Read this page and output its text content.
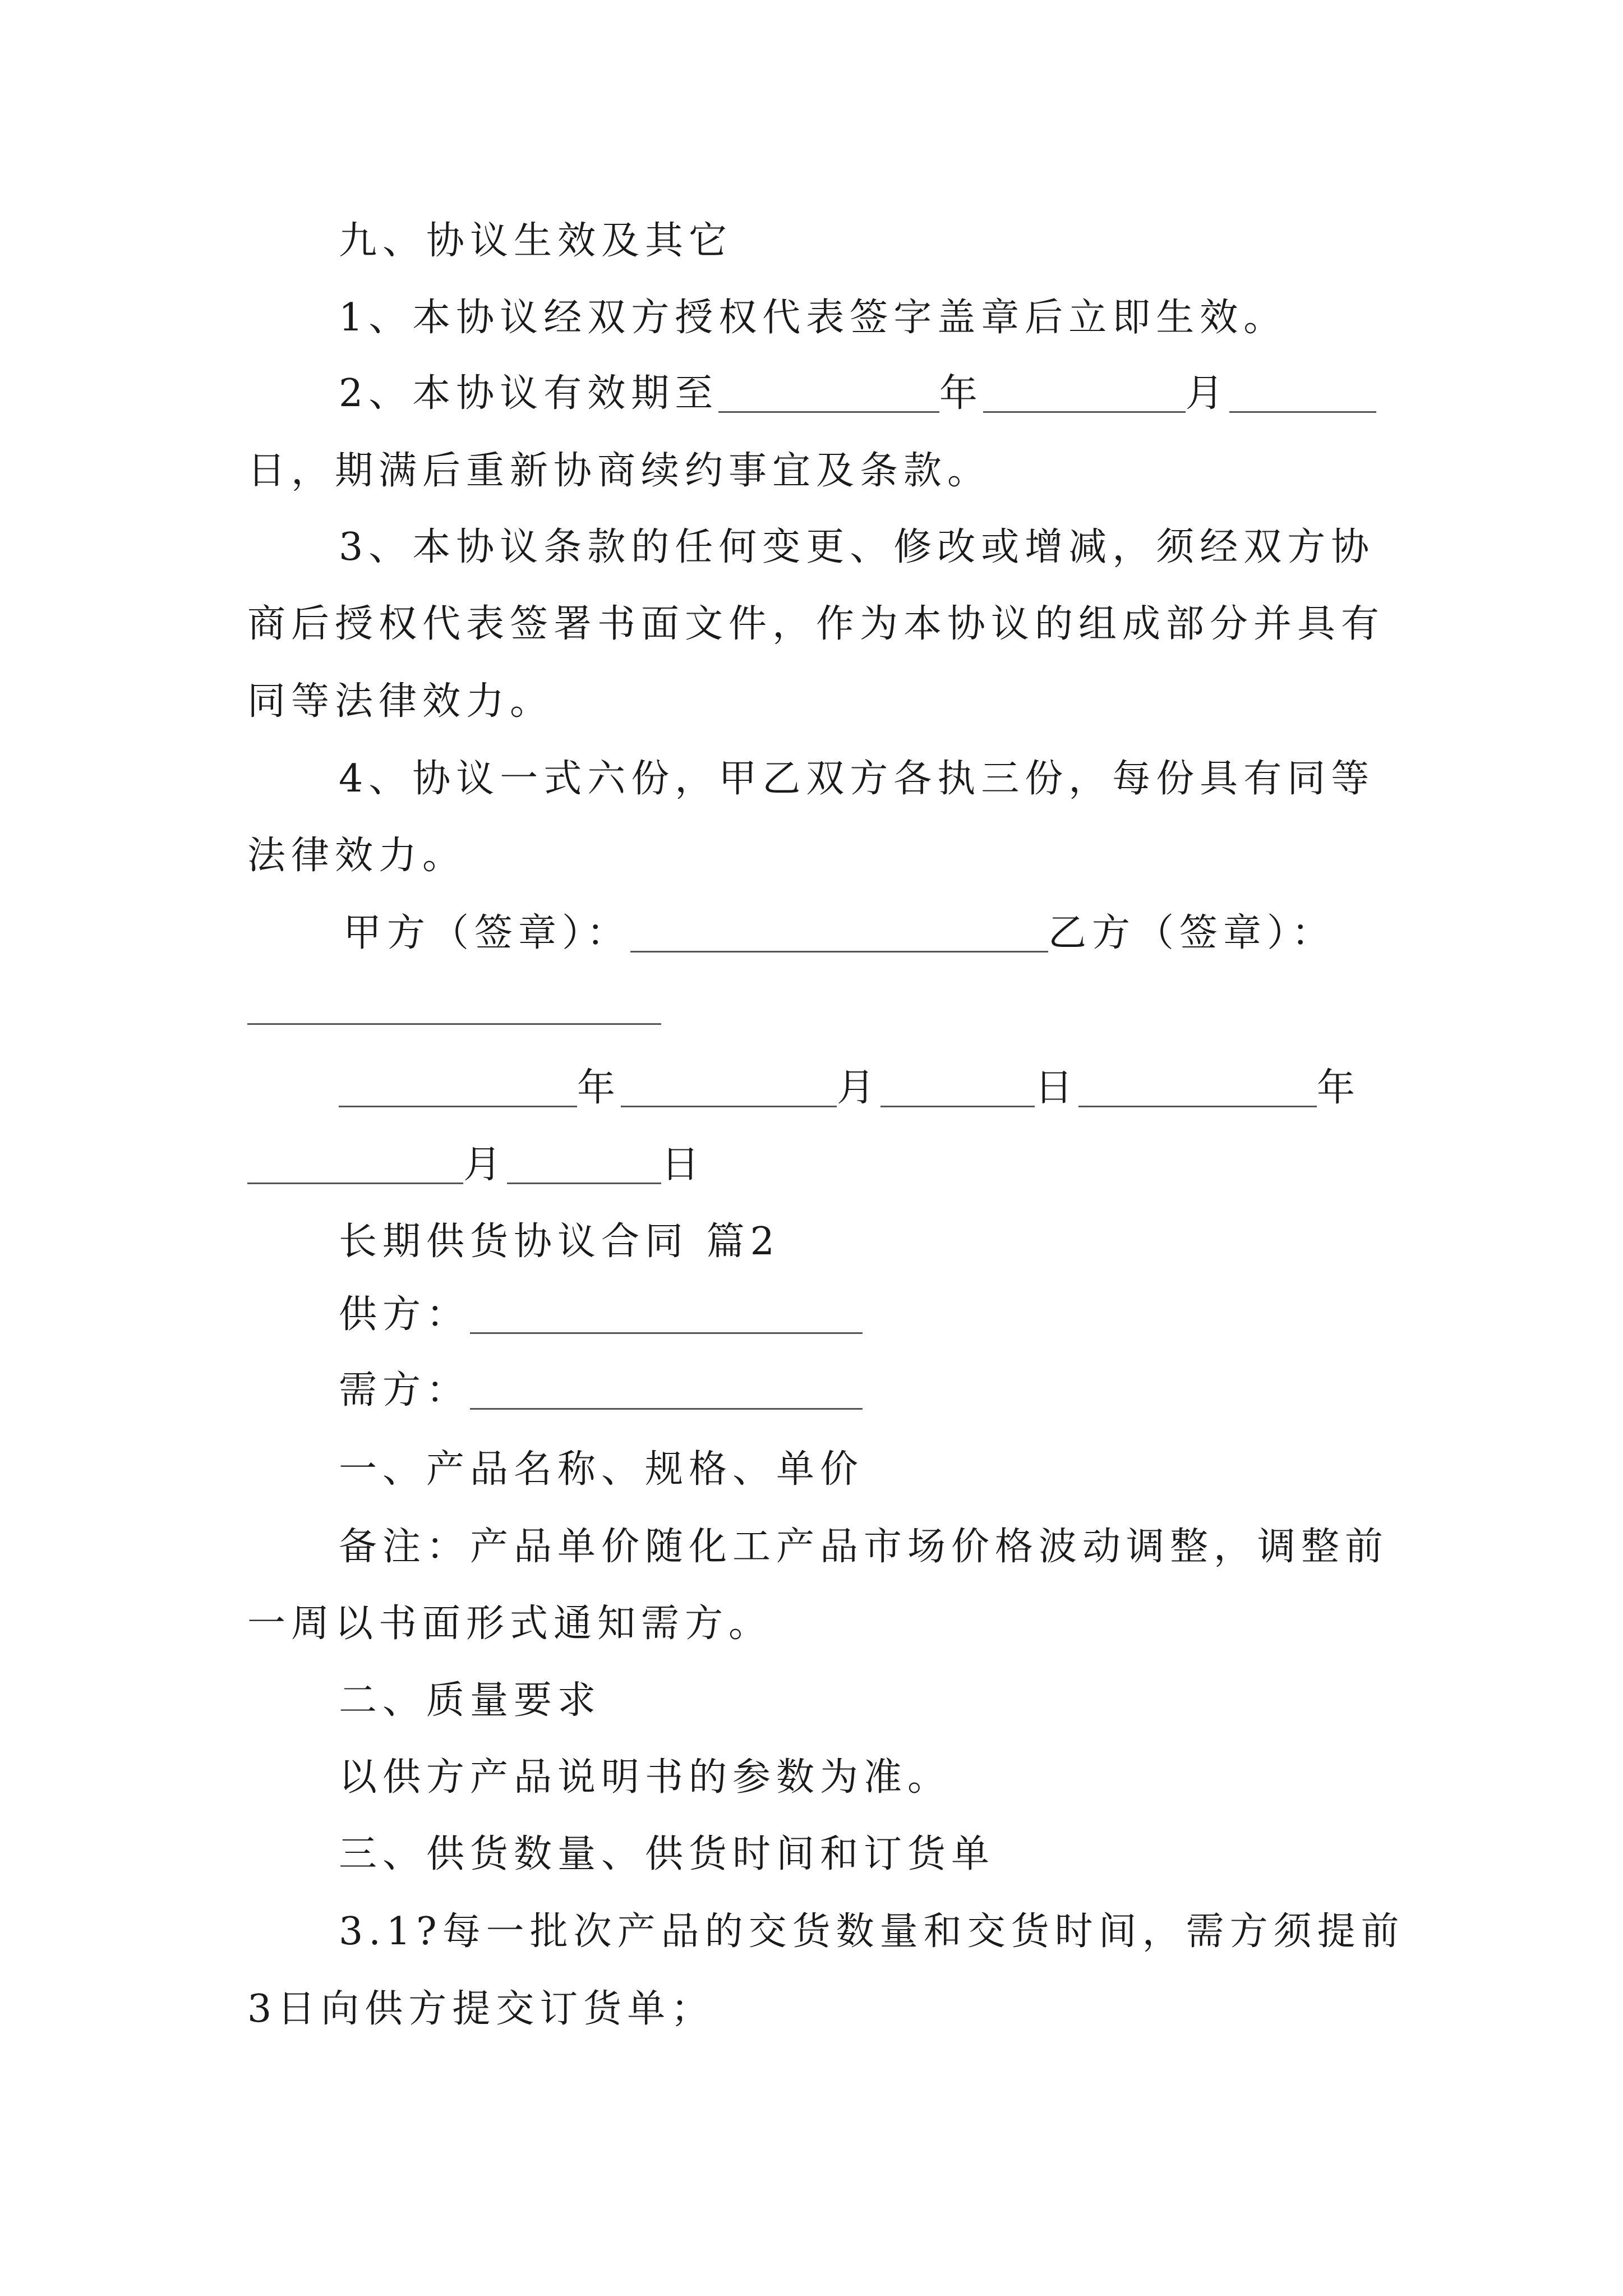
九、协议生效及其它
1、本协议经双方授权代表签字盖章后立即生效。
2、本协议有效期至	年	月
日，期满后重新协商续约事宜及条款。
3、本协议条款的任何变更、修改或增减，须经双方协
商后授权代表签署书面文件，作为本协议的组成部分并具有
同等法律效力。
4、协议一式六份，甲乙双方各执三份，每份具有同等
法律效力。
甲方（签章）：	乙方（签章）：
年	月	日	年
月	日
长期供货协议合同 篇2
供方：
需方：
一、产品名称、规格、单价
备注：产品单价随化工产品市场价格波动调整，调整前
一周以书面形式通知需方。
二、质量要求
以供方产品说明书的参数为准。
三、供货数量、供货时间和订货单
3.1?每一批次产品的交货数量和交货时间，需方须提前
3日向供方提交订货单；
